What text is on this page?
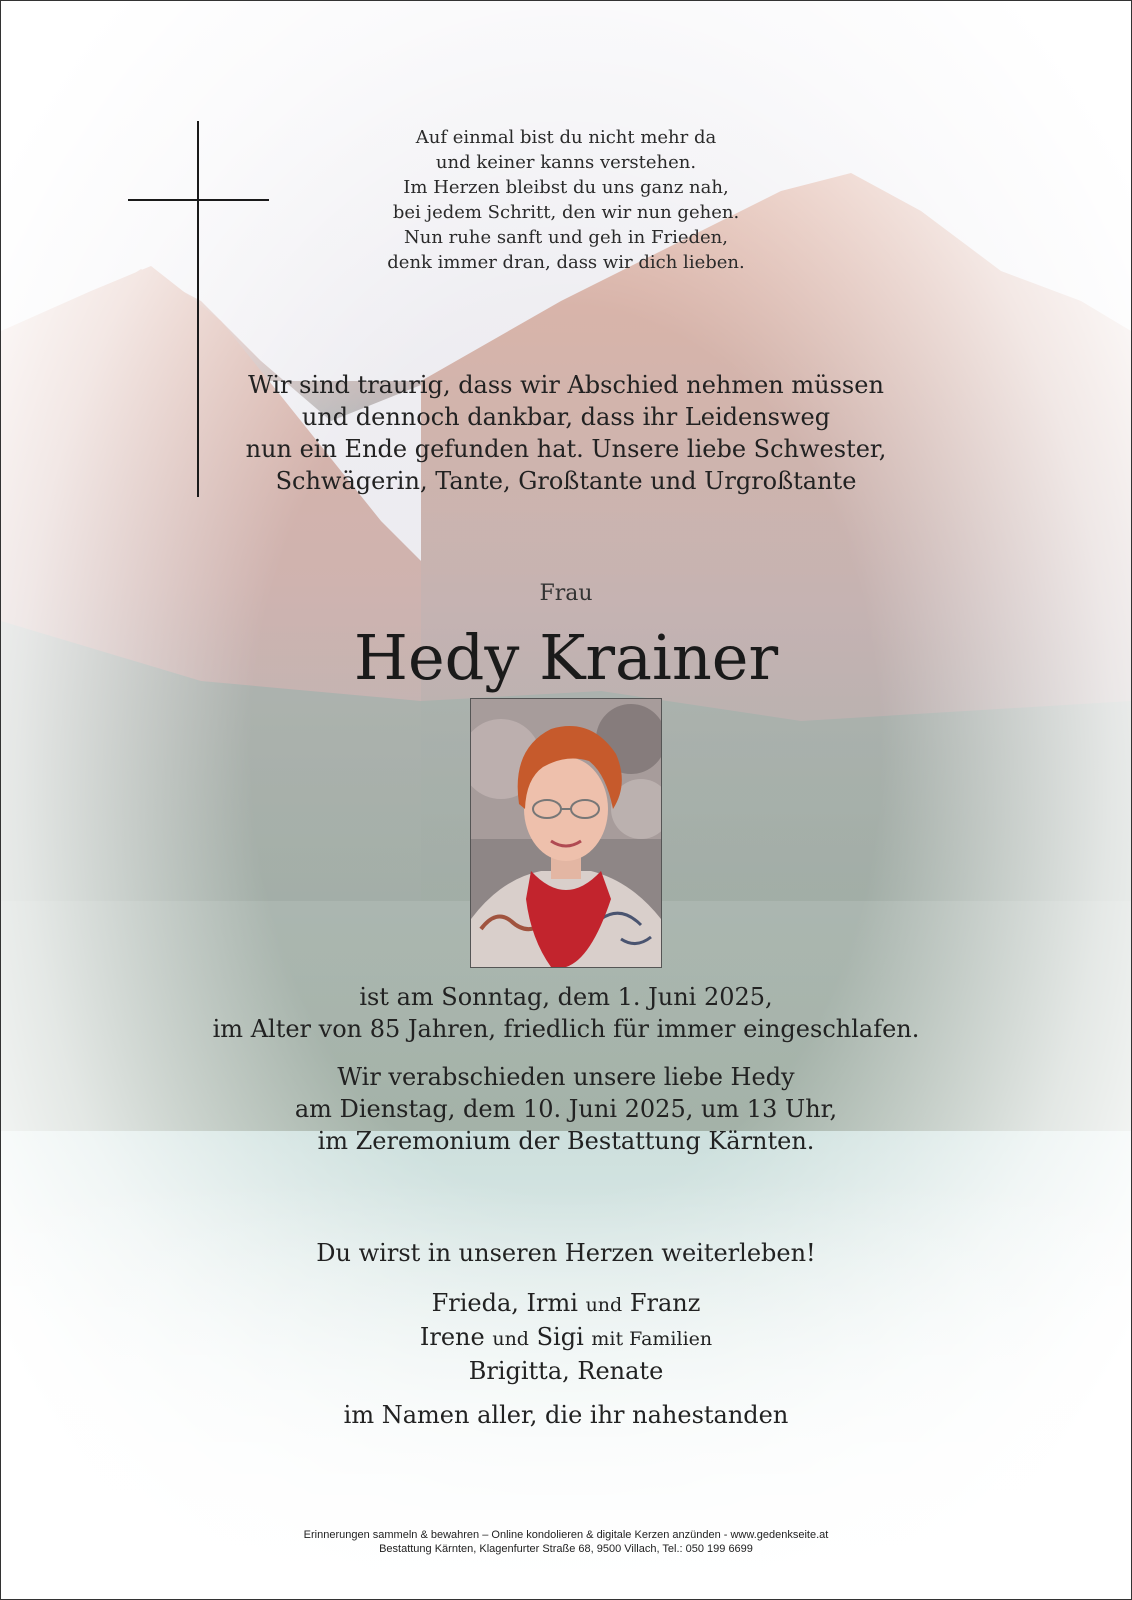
Auf einmal bist du nicht mehr da
und keiner kanns verstehen.
Im Herzen bleibst du uns ganz nah,
bei jedem Schritt, den wir nun gehen.
Nun ruhe sanft und geh in Frieden,
denk immer dran, dass wir dich lieben.
Wir sind traurig, dass wir Abschied nehmen müssen
und dennoch dankbar, dass ihr Leidensweg
nun ein Ende gefunden hat. Unsere liebe Schwester,
Schwägerin, Tante, Großtante und Urgroßtante
Frau
Hedy Krainer
ist am Sonntag, dem 1. Juni 2025,
im Alter von 85 Jahren, friedlich für immer eingeschlafen.
Wir verabschieden unsere liebe Hedy
am Dienstag, dem 10. Juni 2025, um 13 Uhr,
im Zeremonium der Bestattung Kärnten.
Du wirst in unseren Herzen weiterleben!
Frieda, Irmi und Franz
Irene und Sigi mit Familien
Brigitta, Renate
im Namen aller, die ihr nahestanden
Erinnerungen sammeln & bewahren – Online kondolieren & digitale Kerzen anzünden - www.gedenkseite.at
Bestattung Kärnten, Klagenfurter Straße 68, 9500 Villach, Tel.: 050 199 6699
